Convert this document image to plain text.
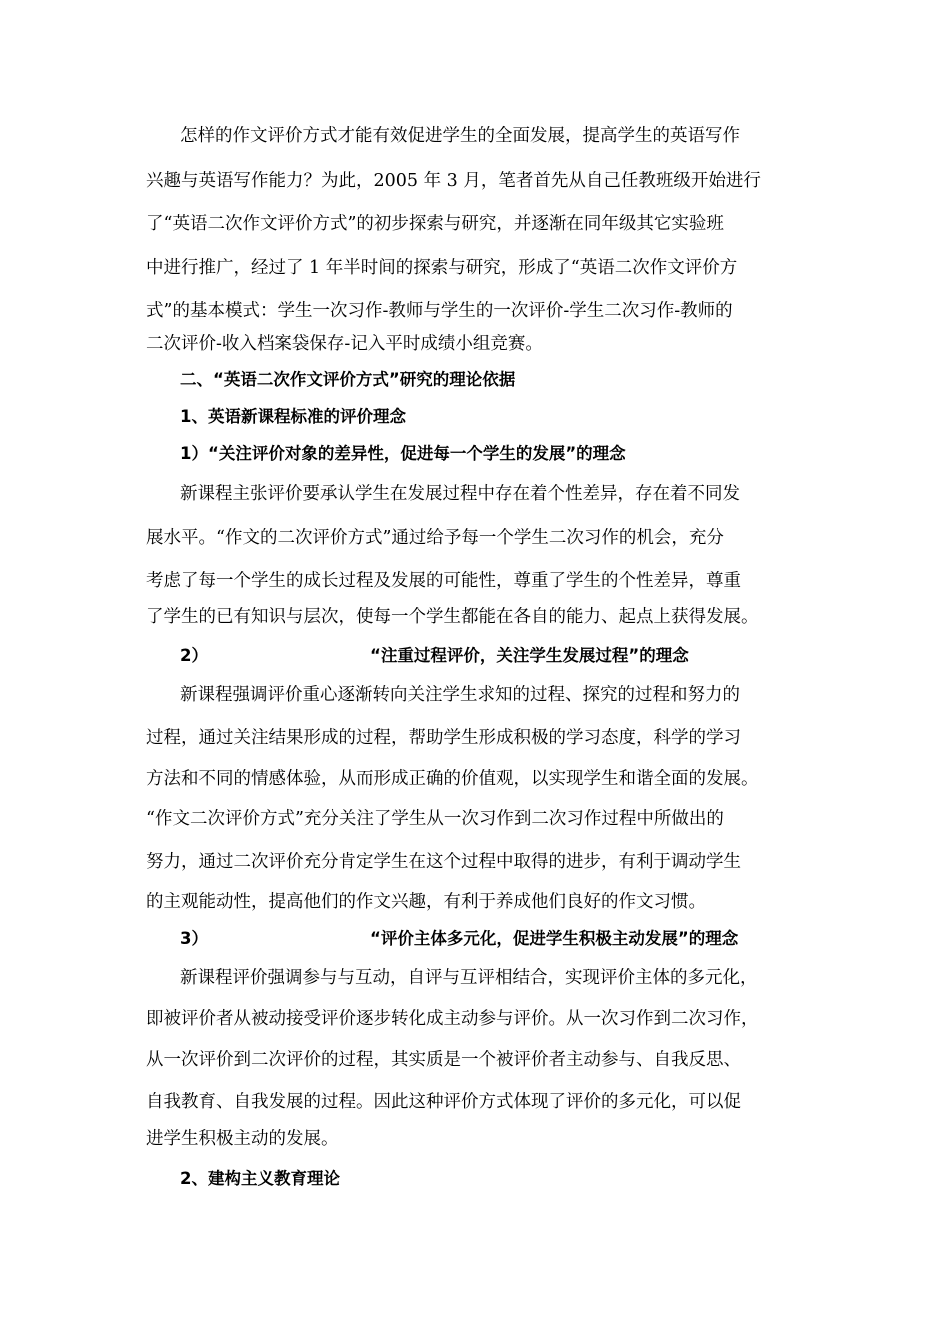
怎样的作文评价方式才能有效促进学生的全面发展，提高学生的英语写作
兴趣与英语写作能力？为此，2005 年 3 月，笔者首先从自己任教班级开始进行
了“英语二次作文评价方式”的初步探索与研究，并逐渐在同年级其它实验班
中进行推广，经过了 1 年半时间的探索与研究，形成了“英语二次作文评价方
式”的基本模式：学生一次习作-教师与学生的一次评价-学生二次习作-教师的
二次评价-收入档案袋保存-记入平时成绩小组竞赛。
二、“英语二次作文评价方式”研究的理论依据
1、英语新课程标准的评价理念
1）“关注评价对象的差异性，促进每一个学生的发展”的理念
新课程主张评价要承认学生在发展过程中存在着个性差异，存在着不同发
展水平。“作文的二次评价方式”通过给予每一个学生二次习作的机会，充分
考虑了每一个学生的成长过程及发展的可能性，尊重了学生的个性差异，尊重
了学生的已有知识与层次，使每一个学生都能在各自的能力、起点上获得发展。
2）	“注重过程评价，关注学生发展过程”的理念
新课程强调评价重心逐渐转向关注学生求知的过程、探究的过程和努力的
过程，通过关注结果形成的过程，帮助学生形成积极的学习态度，科学的学习
方法和不同的情感体验，从而形成正确的价值观，以实现学生和谐全面的发展。
“作文二次评价方式”充分关注了学生从一次习作到二次习作过程中所做出的
努力，通过二次评价充分肯定学生在这个过程中取得的进步，有利于调动学生
的主观能动性，提高他们的作文兴趣，有利于养成他们良好的作文习惯。
3）	“评价主体多元化，促进学生积极主动发展”的理念
新课程评价强调参与与互动，自评与互评相结合，实现评价主体的多元化，
即被评价者从被动接受评价逐步转化成主动参与评价。从一次习作到二次习作，
从一次评价到二次评价的过程，其实质是一个被评价者主动参与、自我反思、
自我教育、自我发展的过程。因此这种评价方式体现了评价的多元化，可以促
进学生积极主动的发展。
2、建构主义教育理论
